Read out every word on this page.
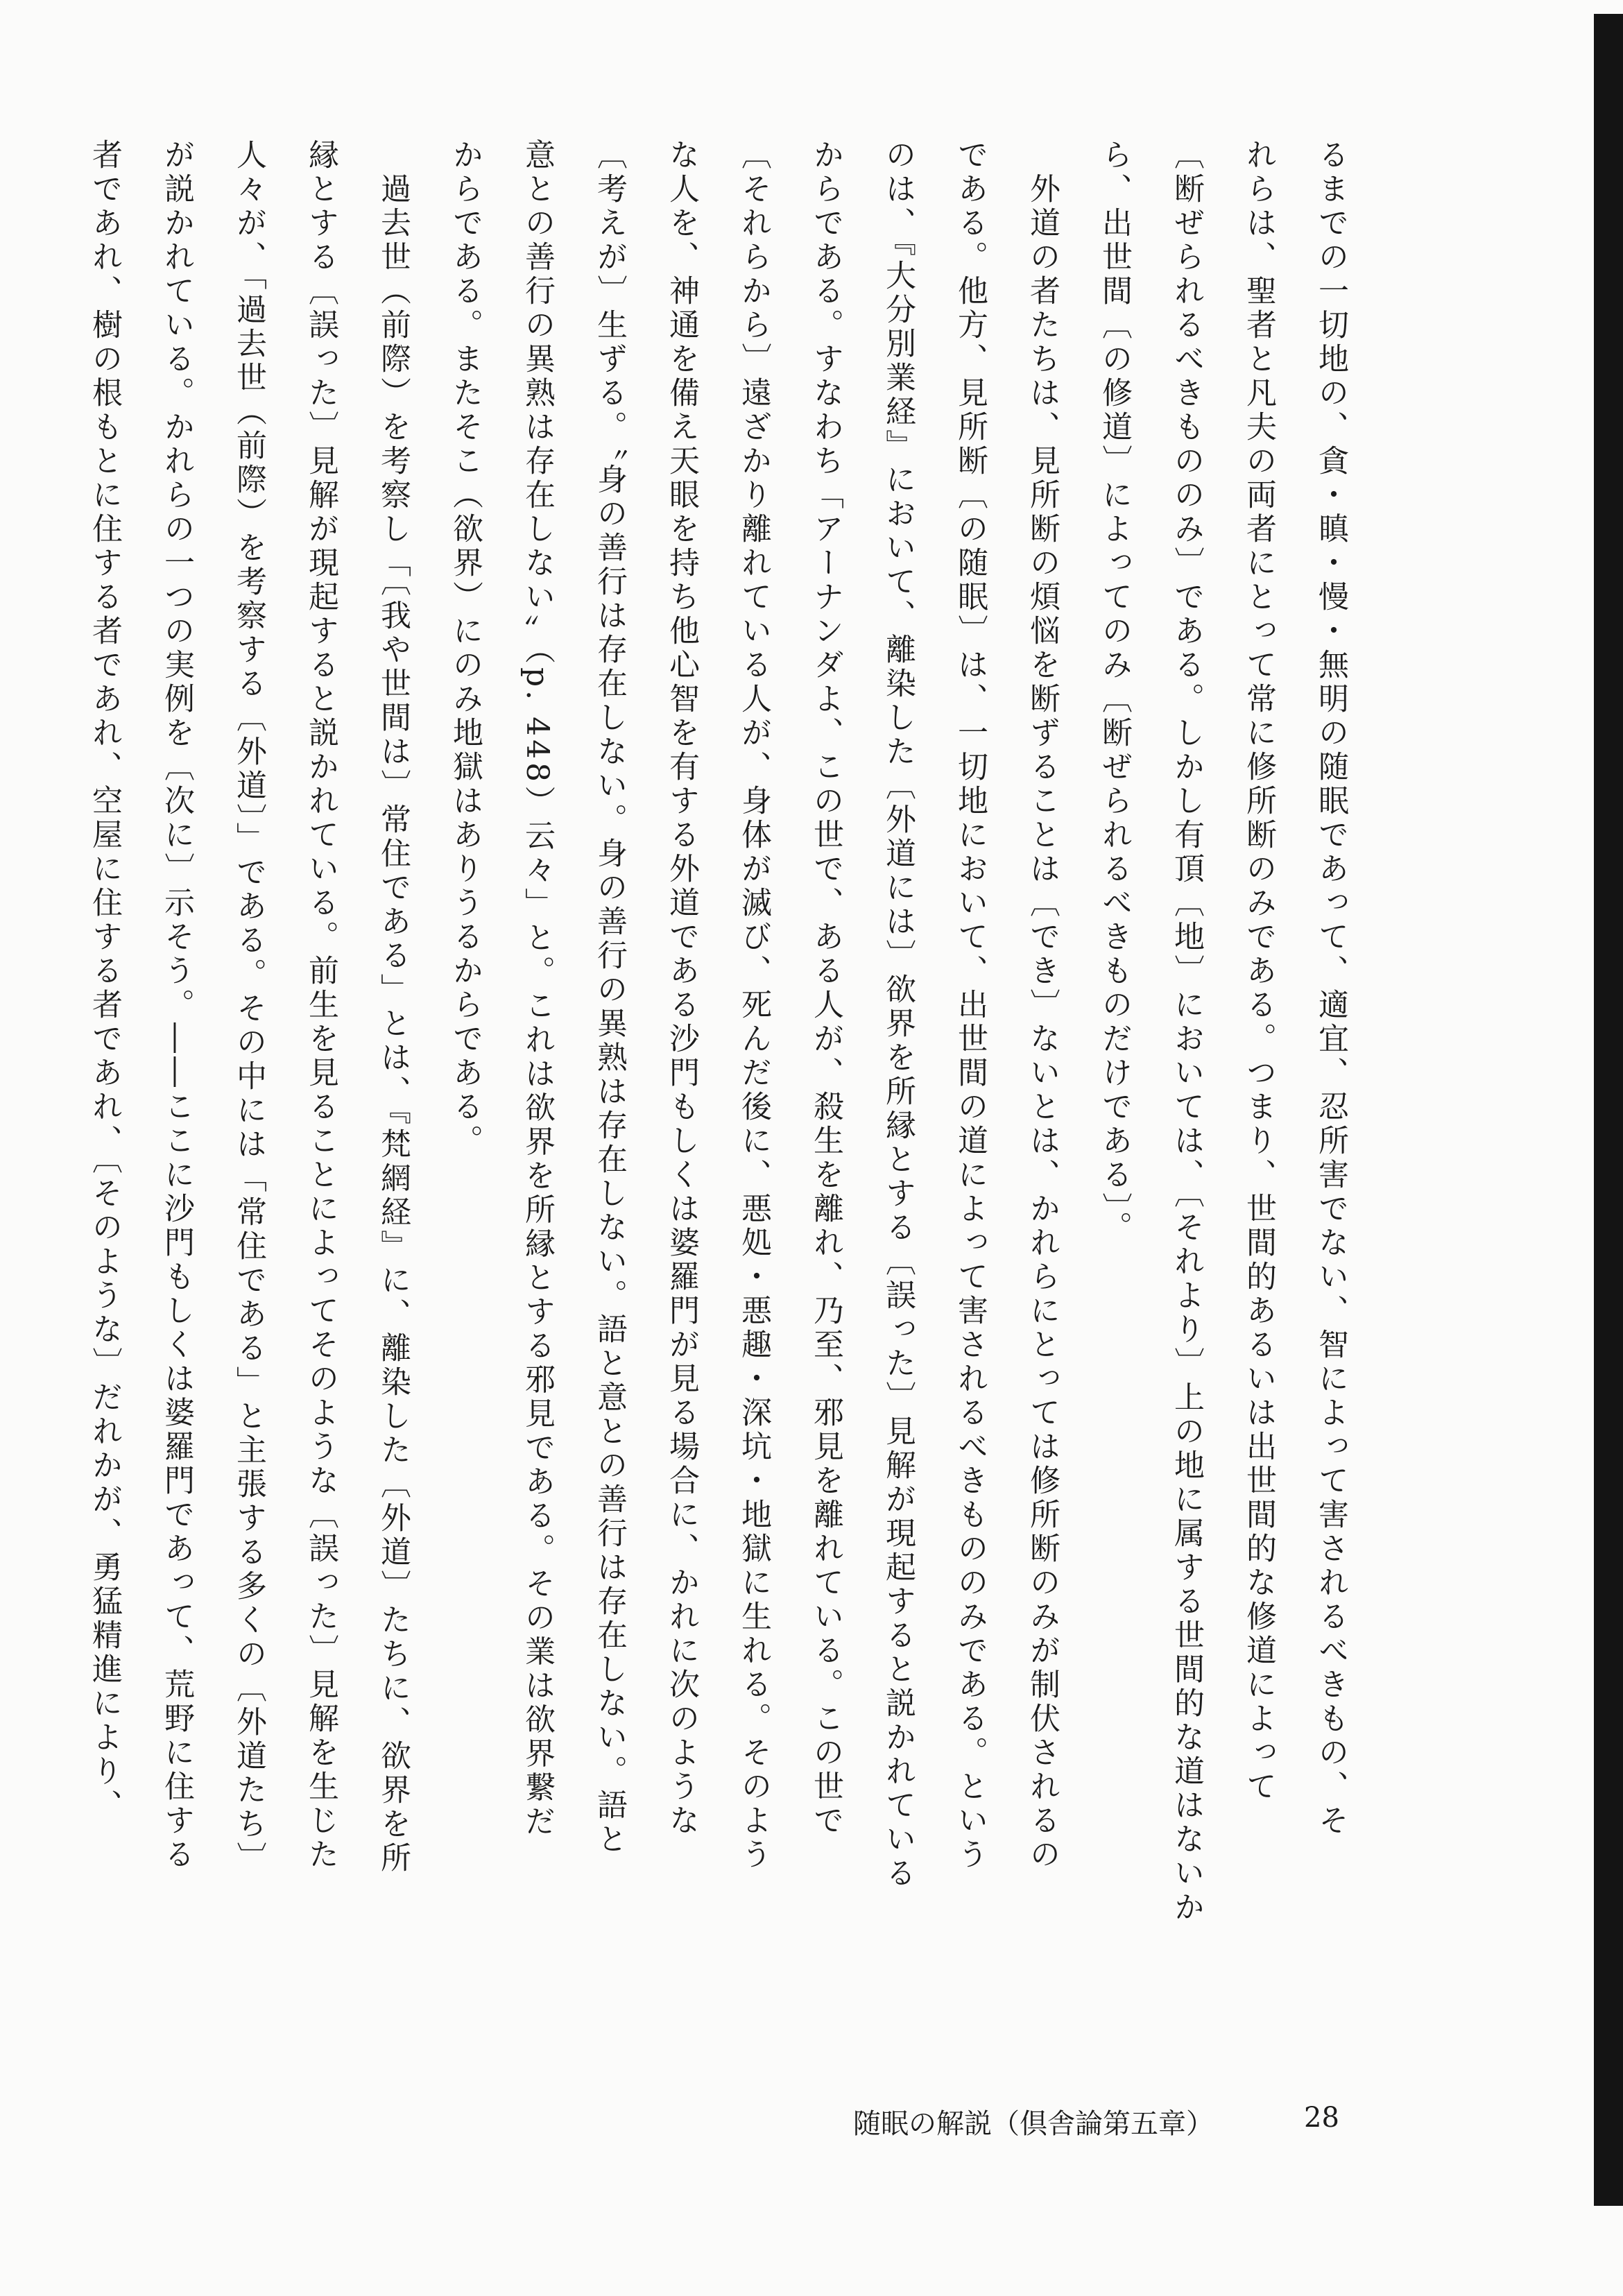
るまでの一切地の、貪・瞋・慢・無明の随眠であって、適宜、忍所害でない、智によって害されるべきもの、そ
れらは、聖者と凡夫の両者にとって常に修所断のみである。つまり、世間的あるいは出世間的な修道によって
〔断ぜられるべきもののみ〕である。しかし有頂〔地〕においては、〔それより〕上の地に属する世間的な道はないか
ら、出世間〔の修道〕によってのみ〔断ぜられるべきものだけである〕。
　外道の者たちは、見所断の煩悩を断ずることは〔でき〕ないとは、かれらにとっては修所断のみが制伏されるの
である。他方、見所断〔の随眠〕は、一切地において、出世間の道によって害されるべきもののみである。という
のは、『大分別業経』において、離染した〔外道には〕欲界を所縁とする〔誤った〕見解が現起すると説かれている
からである。すなわち「アーナンダよ、この世で、ある人が、殺生を離れ、乃至、邪見を離れている。この世で
〔それらから〕遠ざかり離れている人が、身体が滅び、死んだ後に、悪処・悪趣・深坑・地獄に生れる。そのよう
な人を、神通を備え天眼を持ち他心智を有する外道である沙門もしくは婆羅門が見る場合に、かれに次のような
〔考えが〕生ずる。〝身の善行は存在しない。身の善行の異熟は存在しない。語と意との善行は存在しない。語と
意との善行の異熟は存在しない〟（p. 448）云々」と。これは欲界を所縁とする邪見である。その業は欲界繋だ
からである。またそこ（欲界）にのみ地獄はありうるからである。
　過去世（前際）を考察し「〔我や世間は〕常住である」とは、『梵網経』に、離染した〔外道〕たちに、欲界を所
縁とする〔誤った〕見解が現起すると説かれている。前生を見ることによってそのような〔誤った〕見解を生じた
人々が、「過去世（前際）を考察する〔外道〕」である。その中には「常住である」と主張する多くの〔外道たち〕
が説かれている。かれらの一つの実例を〔次に〕示そう。――ここに沙門もしくは婆羅門であって、荒野に住する
者であれ、樹の根もとに住する者であれ、空屋に住する者であれ、〔そのような〕だれかが、勇猛精進により、
随眠の解説（倶舎論第五章）	28
